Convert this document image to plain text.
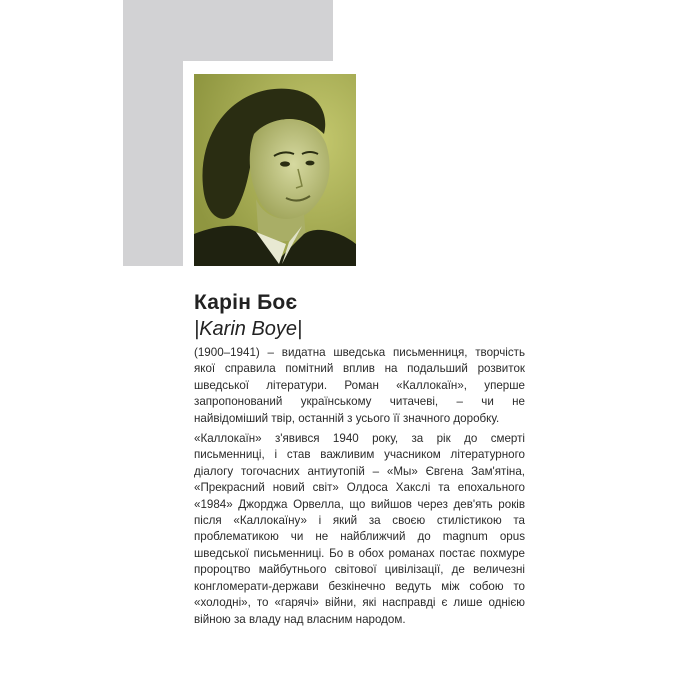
Карін Боє
|Karin Boye|

(1900–1941) – видатна шведська письменниця, творчість якої справила помітний вплив на подальший розвиток шведської літератури. Роман «Каллокаїн», уперше запропонований українському читачеві, – чи не найвідоміший твір, останній з усього її значного доробку.

«Каллокаїн» з'явився 1940 року, за рік до смерті письменниці, і став важливим учасником літературного діалогу тогочасних антиутопій – «Мы» Євгена Зам'ятіна, «Прекрасний новий світ» Олдоса Хакслі та епохального «1984» Джорджа Орвелла, що вийшов через дев'ять років після «Каллокаїну» і який за своєю стилістикою та проблематикою чи не найближчий до magnum opus шведської письменниці. Бо в обох романах постає похмуре пророцтво майбутнього світової цивілізації, де величезні конгломерати-держави безкінечно ведуть між собою то «холодні», то «гарячі» війни, які насправді є лише однією війною за владу над власним народом.
